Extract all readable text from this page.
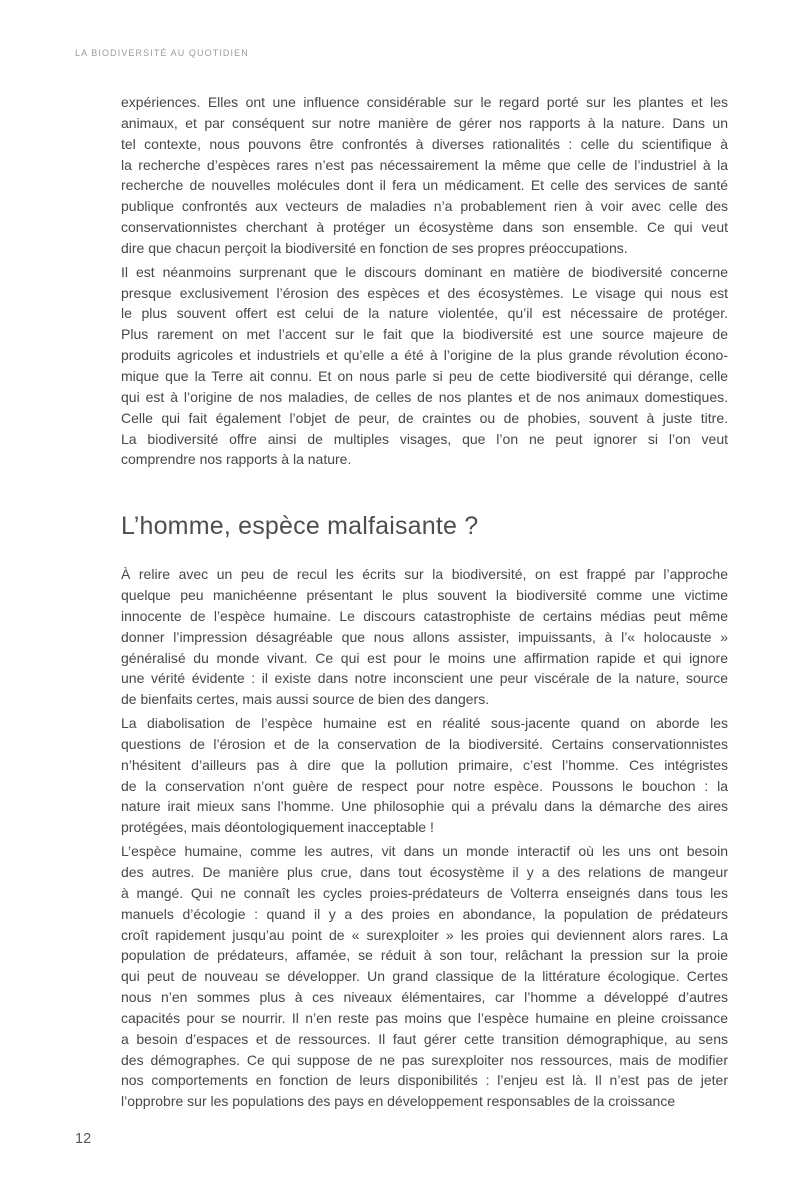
LA BIODIVERSITÉ AU QUOTIDIEN
expériences. Elles ont une influence considérable sur le regard porté sur les plantes et les
animaux, et par conséquent sur notre manière de gérer nos rapports à la nature. Dans un
tel contexte, nous pouvons être confrontés à diverses rationalités : celle du scientifique à
la recherche d’espèces rares n’est pas nécessairement la même que celle de l’industriel à la
recherche de nouvelles molécules dont il fera un médicament. Et celle des services de santé
publique confrontés aux vecteurs de maladies n’a probablement rien à voir avec celle des
conservationnistes cherchant à protéger un écosystème dans son ensemble. Ce qui veut
dire que chacun perçoit la biodiversité en fonction de ses propres préoccupations.
Il est néanmoins surprenant que le discours dominant en matière de biodiversité concerne
presque exclusivement l’érosion des espèces et des écosystèmes. Le visage qui nous est
le plus souvent offert est celui de la nature violentée, qu’il est nécessaire de protéger.
Plus rarement on met l’accent sur le fait que la biodiversité est une source majeure de
produits agricoles et industriels et qu’elle a été à l’origine de la plus grande révolution écono-
mique que la Terre ait connu. Et on nous parle si peu de cette biodiversité qui dérange, celle
qui est à l’origine de nos maladies, de celles de nos plantes et de nos animaux domestiques.
Celle qui fait également l’objet de peur, de craintes ou de phobies, souvent à juste titre.
La biodiversité offre ainsi de multiples visages, que l’on ne peut ignorer si l’on veut
comprendre nos rapports à la nature.
L’homme, espèce malfaisante ?
À relire avec un peu de recul les écrits sur la biodiversité, on est frappé par l’approche
quelque peu manichéenne présentant le plus souvent la biodiversité comme une victime
innocente de l’espèce humaine. Le discours catastrophiste de certains médias peut même
donner l’impression désagréable que nous allons assister, impuissants, à l’« holocauste »
généralisé du monde vivant. Ce qui est pour le moins une affirmation rapide et qui ignore
une vérité évidente : il existe dans notre inconscient une peur viscérale de la nature, source
de bienfaits certes, mais aussi source de bien des dangers.
La diabolisation de l’espèce humaine est en réalité sous-jacente quand on aborde les
questions de l’érosion et de la conservation de la biodiversité. Certains conservationnistes
n’hésitent d’ailleurs pas à dire que la pollution primaire, c’est l’homme. Ces intégristes
de la conservation n’ont guère de respect pour notre espèce. Poussons le bouchon : la
nature irait mieux sans l’homme. Une philosophie qui a prévalu dans la démarche des aires
protégées, mais déontologiquement inacceptable !
L’espèce humaine, comme les autres, vit dans un monde interactif où les uns ont besoin
des autres. De manière plus crue, dans tout écosystème il y a des relations de mangeur
à mangé. Qui ne connaît les cycles proies-prédateurs de Volterra enseignés dans tous les
manuels d’écologie : quand il y a des proies en abondance, la population de prédateurs
croît rapidement jusqu’au point de « surexploiter » les proies qui deviennent alors rares. La
population de prédateurs, affamée, se réduit à son tour, relâchant la pression sur la proie
qui peut de nouveau se développer. Un grand classique de la littérature écologique. Certes
nous n’en sommes plus à ces niveaux élémentaires, car l’homme a développé d’autres
capacités pour se nourrir. Il n’en reste pas moins que l’espèce humaine en pleine croissance
a besoin d’espaces et de ressources. Il faut gérer cette transition démographique, au sens
des démographes. Ce qui suppose de ne pas surexploiter nos ressources, mais de modifier
nos comportements en fonction de leurs disponibilités : l’enjeu est là. Il n’est pas de jeter
l’opprobre sur les populations des pays en développement responsables de la croissance
12
